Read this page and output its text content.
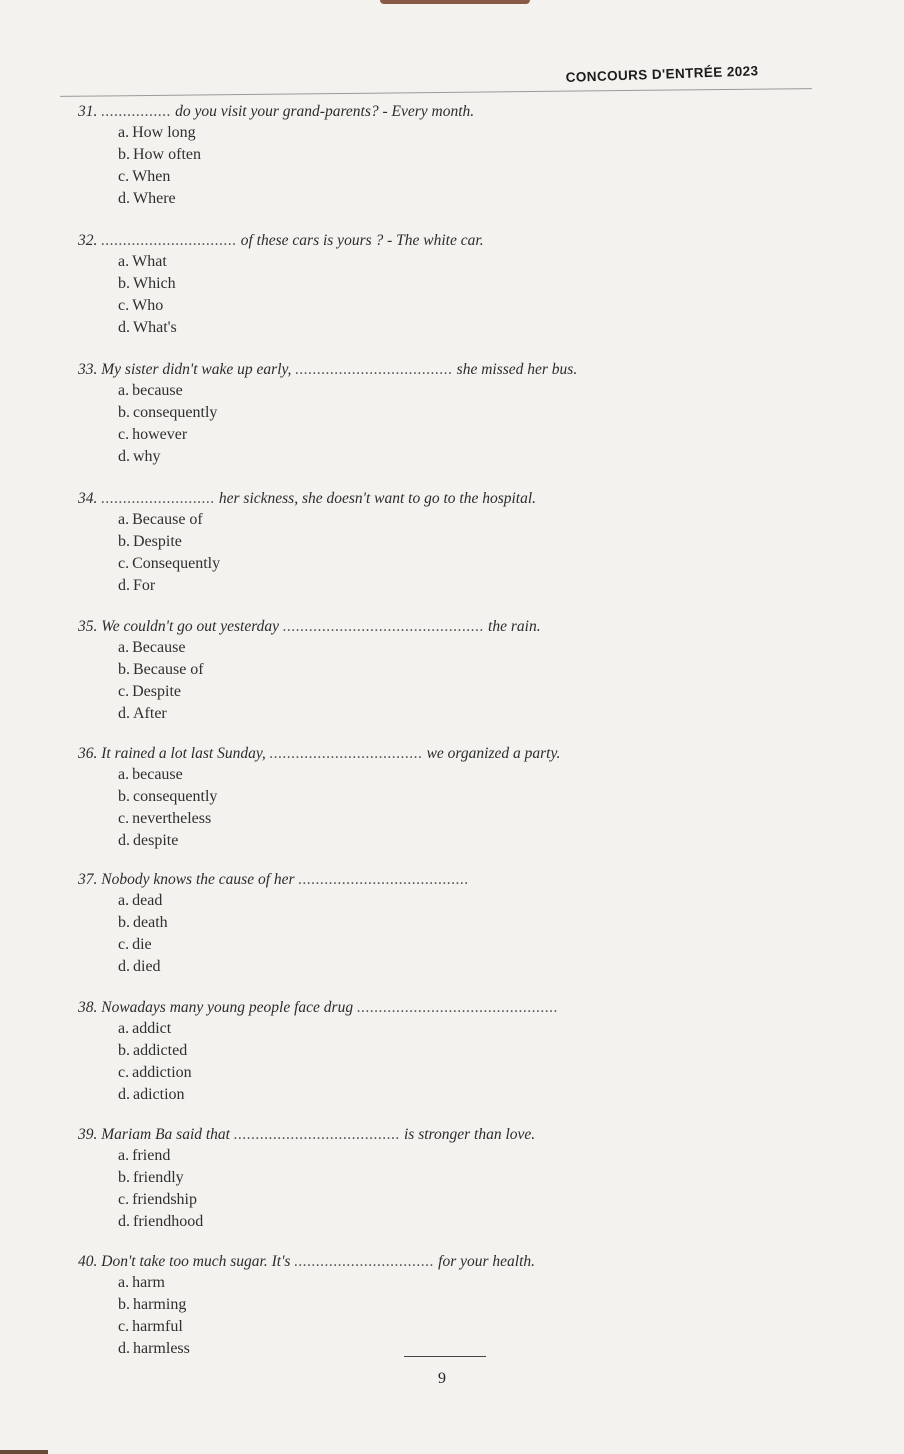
CONCOURS D'ENTRÉE 2023
31. ................ do you visit your grand-parents? - Every month.
a. How long
b. How often
c. When
d. Where
32. ............................... of these cars is yours ? - The white car.
a. What
b. Which
c. Who
d. What's
33. My sister didn't wake up early, .................................... she missed her bus.
a. because
b. consequently
c. however
d. why
34. .......................... her sickness, she doesn't want to go to the hospital.
a. Because of
b. Despite
c. Consequently
d. For
35. We couldn't go out yesterday .............................................. the rain.
a. Because
b. Because of
c. Despite
d. After
36. It rained a lot last Sunday, ................................... we organized a party.
a. because
b. consequently
c. nevertheless
d. despite
37. Nobody knows the cause of her .......................................
a. dead
b. death
c. die
d. died
38. Nowadays many young people face drug ..............................................
a. addict
b. addicted
c. addiction
d. adiction
39. Mariam Ba said that ...................................... is stronger than love.
a. friend
b. friendly
c. friendship
d. friendhood
40. Don't take too much sugar. It's ................................ for your health.
a. harm
b. harming
c. harmful
d. harmless
9
